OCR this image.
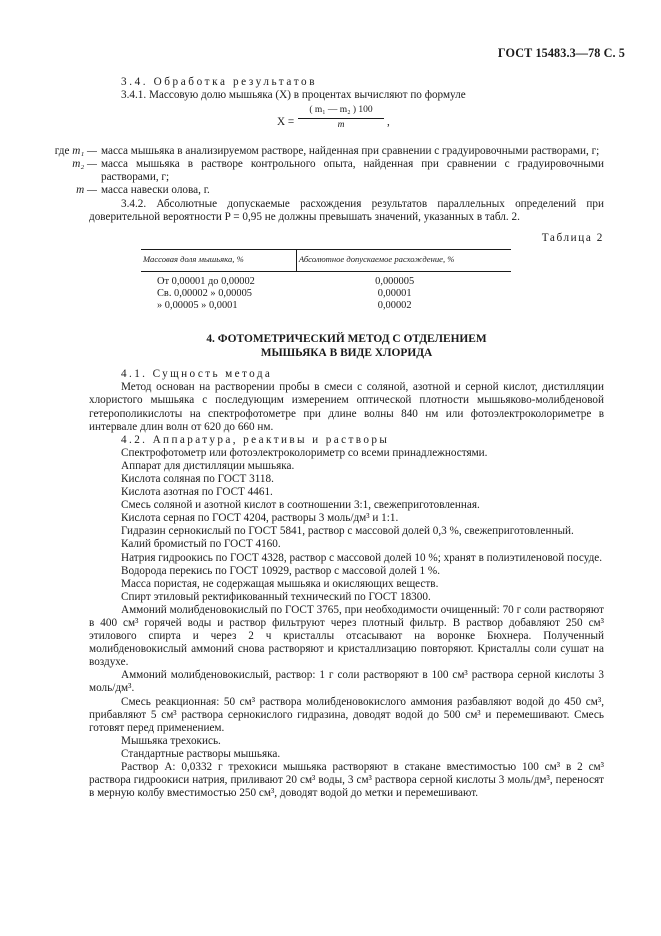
ГОСТ 15483.3—78 С. 5

3.4. Обработка результатов

3.4.1. Массовую долю мышьяка (X) в процентах вычисляют по формуле

$X = \frac{\text{( m₁ — m₂ ) 100}}{m}$ ,
где m₁ — масса мышьяка в анализируемом растворе, найденная при сравнении с градуировочными растворами, г;
m₂ — масса мышьяка в растворе контрольного опыта, найденная при сравнении с градуировочными растворами, г;
m — масса навески олова, г.

3.4.2. Абсолютные допускаемые расхождения результатов параллельных определений при доверительной вероятности P = 0,95 не должны превышать значений, указанных в табл. 2.

Таблица 2
Массовая доля мышьяка, %	Абсолютное допускаемое расхождение, %
От 0,00001 до 0,00002	0,000005
Св. 0,00002 » 0,00005	0,00001
» 0,00005 » 0,0001	0,00002
4. ФОТОМЕТРИЧЕСКИЙ МЕТОД С ОТДЕЛЕНИЕМ
МЫШЬЯКА В ВИДЕ ХЛОРИДА

4.1. Сущность метода

Метод основан на растворении пробы в смеси с соляной, азотной и серной кислот, дистилляции хлористого мышьяка с последующим измерением оптической плотности мышьяково-молибденовой гетерополикислоты на спектрофотометре при длине волны 840 нм или фотоэлектроколориметре в интервале длин волн от 620 до 660 нм.

4.2. Аппаратура, реактивы и растворы

Спектрофотометр или фотоэлектроколориметр со всеми принадлежностями.

Аппарат для дистилляции мышьяка.

Кислота соляная по ГОСТ 3118.

Кислота азотная по ГОСТ 4461.

Смесь соляной и азотной кислот в соотношении 3:1, свежеприготовленная.

Кислота серная по ГОСТ 4204, растворы 3 моль/дм³ и 1:1.

Гидразин сернокислый по ГОСТ 5841, раствор с массовой долей 0,3 %, свежеприготовленный.

Калий бромистый по ГОСТ 4160.

Натрия гидроокись по ГОСТ 4328, раствор с массовой долей 10 %; хранят в полиэтиленовой посуде.

Водорода перекись по ГОСТ 10929, раствор с массовой долей 1 %.

Масса пористая, не содержащая мышьяка и окисляющих веществ.

Спирт этиловый ректификованный технический по ГОСТ 18300.

Аммоний молибденовокислый по ГОСТ 3765, при необходимости очищенный: 70 г соли растворяют в 400 см³ горячей воды и раствор фильтруют через плотный фильтр. В раствор добавляют 250 см³ этилового спирта и через 2 ч кристаллы отсасывают на воронке Бюхнера. Полученный молибденовокислый аммоний снова растворяют и кристаллизацию повторяют. Кристаллы соли сушат на воздухе.

Аммоний молибденовокислый, раствор: 1 г соли растворяют в 100 см³ раствора серной кислоты 3 моль/дм³.

Смесь реакционная: 50 см³ раствора молибденовокислого аммония разбавляют водой до 450 см³, прибавляют 5 см³ раствора сернокислого гидразина, доводят водой до 500 см³ и перемешивают. Смесь готовят перед применением.

Мышьяка трехокись.

Стандартные растворы мышьяка.

Раствор А: 0,0332 г трехокиси мышьяка растворяют в стакане вместимостью 100 см³ в 2 см³ раствора гидроокиси натрия, приливают 20 см³ воды, 3 см³ раствора серной кислоты 3 моль/дм³, переносят в мерную колбу вместимостью 250 см³, доводят водой до метки и перемешивают.
